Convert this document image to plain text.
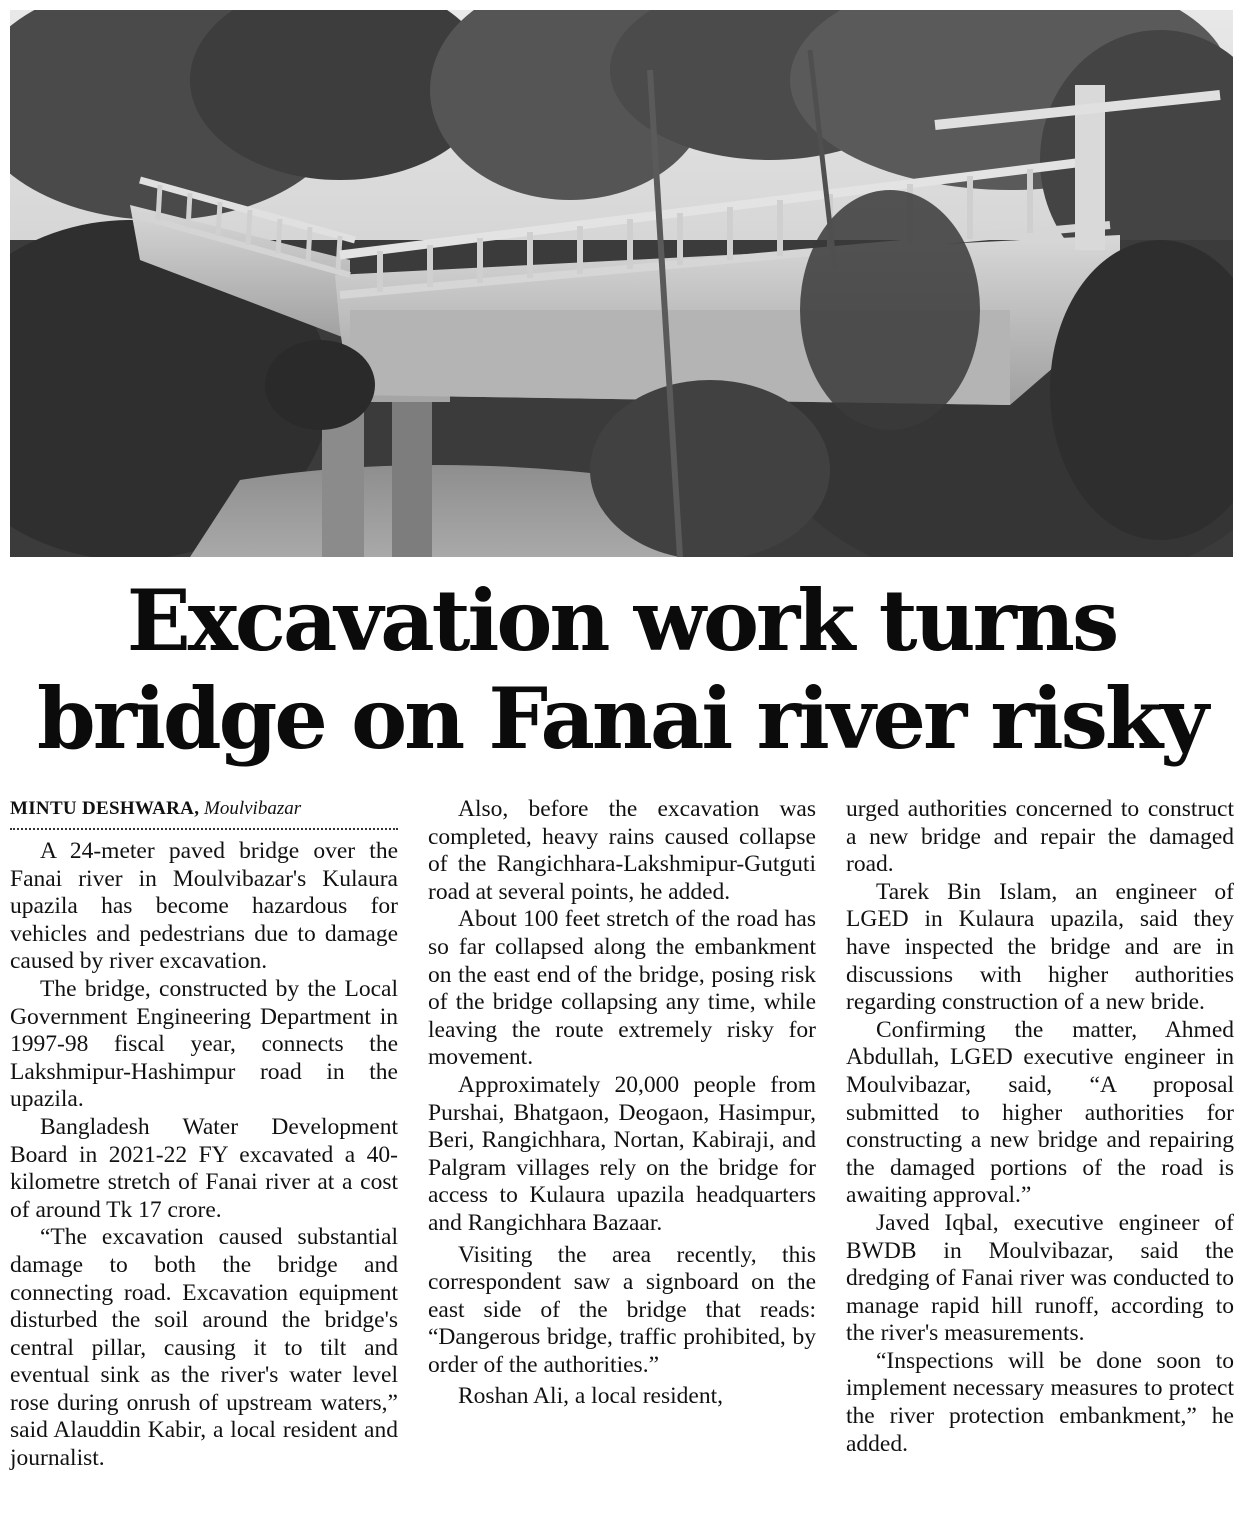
Excavation work turns
bridge on Fanai river risky
MINTU DESHWARA, Moulvibazar

A 24-meter paved bridge over the Fanai river in Moulvibazar's Kulaura upazila has become hazardous for vehicles and pedestrians due to damage caused by river excavation.

The bridge, constructed by the Local Government Engineering Department in 1997-98 fiscal year, connects the Lakshmipur-Hashimpur road in the upazila.

Bangladesh Water Development Board in 2021-22 FY excavated a 40-kilometre stretch of Fanai river at a cost of around Tk 17 crore.

“The excavation caused substantial damage to both the bridge and connecting road. Excavation equipment disturbed the soil around the bridge's central pillar, causing it to tilt and eventual sink as the river's water level rose during onrush of upstream waters,” said Alauddin Kabir, a local resident and journalist.

Also, before the excavation was completed, heavy rains caused collapse of the Rangichhara-Lakshmipur-Gutguti road at several points, he added.

About 100 feet stretch of the road has so far collapsed along the embankment on the east end of the bridge, posing risk of the bridge collapsing any time, while leaving the route extremely risky for movement.

Approximately 20,000 people from Purshai, Bhatgaon, Deogaon, Hasimpur, Beri, Rangichhara, Nortan, Kabiraji, and Palgram villages rely on the bridge for access to Kulaura upazila headquarters and Rangichhara Bazaar.

Visiting the area recently, this correspondent saw a signboard on the east side of the bridge that reads: “Dangerous bridge, traffic prohibited, by order of the authorities.”

Roshan Ali, a local resident,

urged authorities concerned to construct a new bridge and repair the damaged road.

Tarek Bin Islam, an engineer of LGED in Kulaura upazila, said they have inspected the bridge and are in discussions with higher authorities regarding construction of a new bride.

Confirming the matter, Ahmed Abdullah, LGED executive engineer in Moulvibazar, said, “A proposal submitted to higher authorities for constructing a new bridge and repairing the damaged portions of the road is awaiting approval.”

Javed Iqbal, executive engineer of BWDB in Moulvibazar, said the dredging of Fanai river was conducted to manage rapid hill runoff, according to the river's measurements.

“Inspections will be done soon to implement necessary measures to protect the river protection embankment,” he added.
